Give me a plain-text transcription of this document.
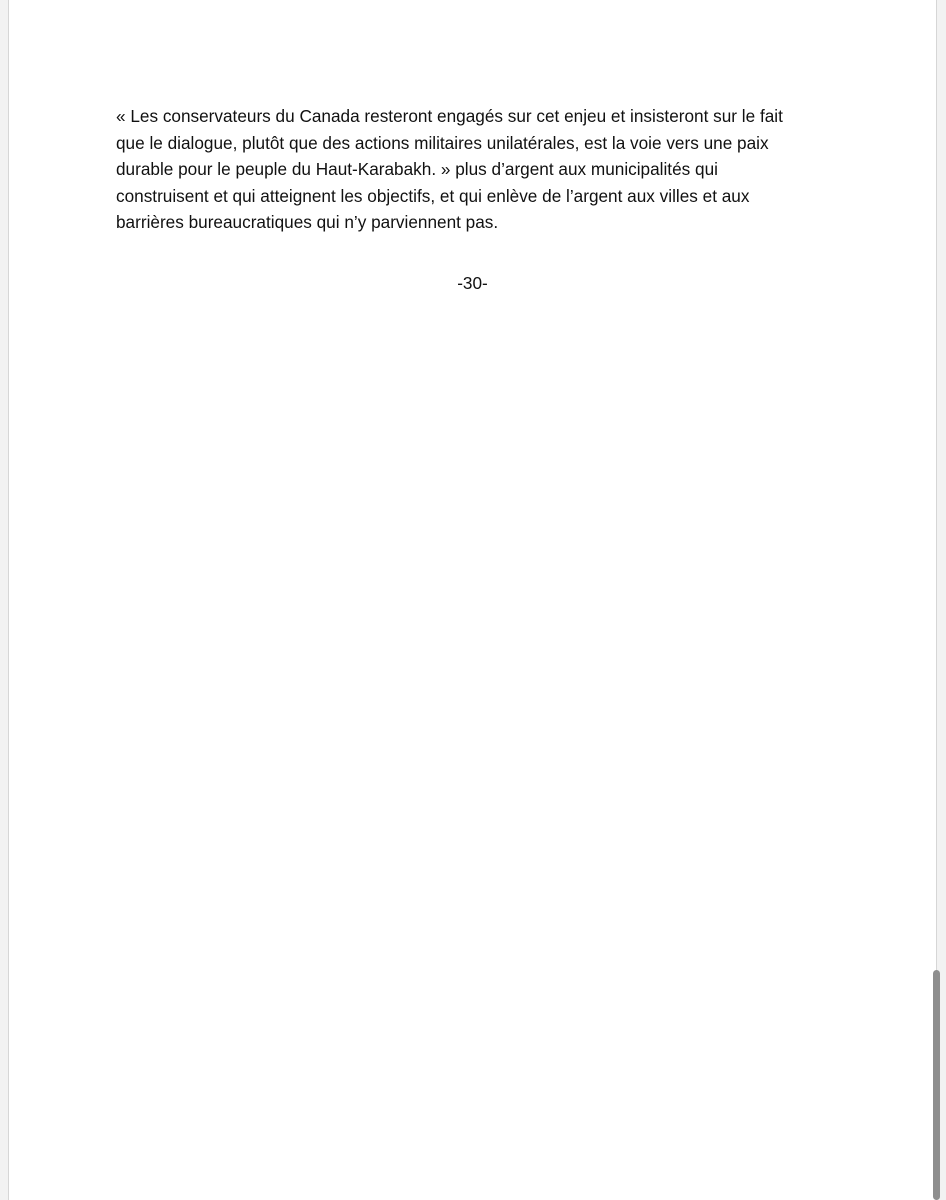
« Les conservateurs du Canada resteront engagés sur cet enjeu et insisteront sur le fait
que le dialogue, plutôt que des actions militaires unilatérales, est la voie vers une paix
durable pour le peuple du Haut-Karabakh. » plus d’argent aux municipalités qui
construisent et qui atteignent les objectifs, et qui enlève de l’argent aux villes et aux
barrières bureaucratiques qui n’y parviennent pas.

-30-
